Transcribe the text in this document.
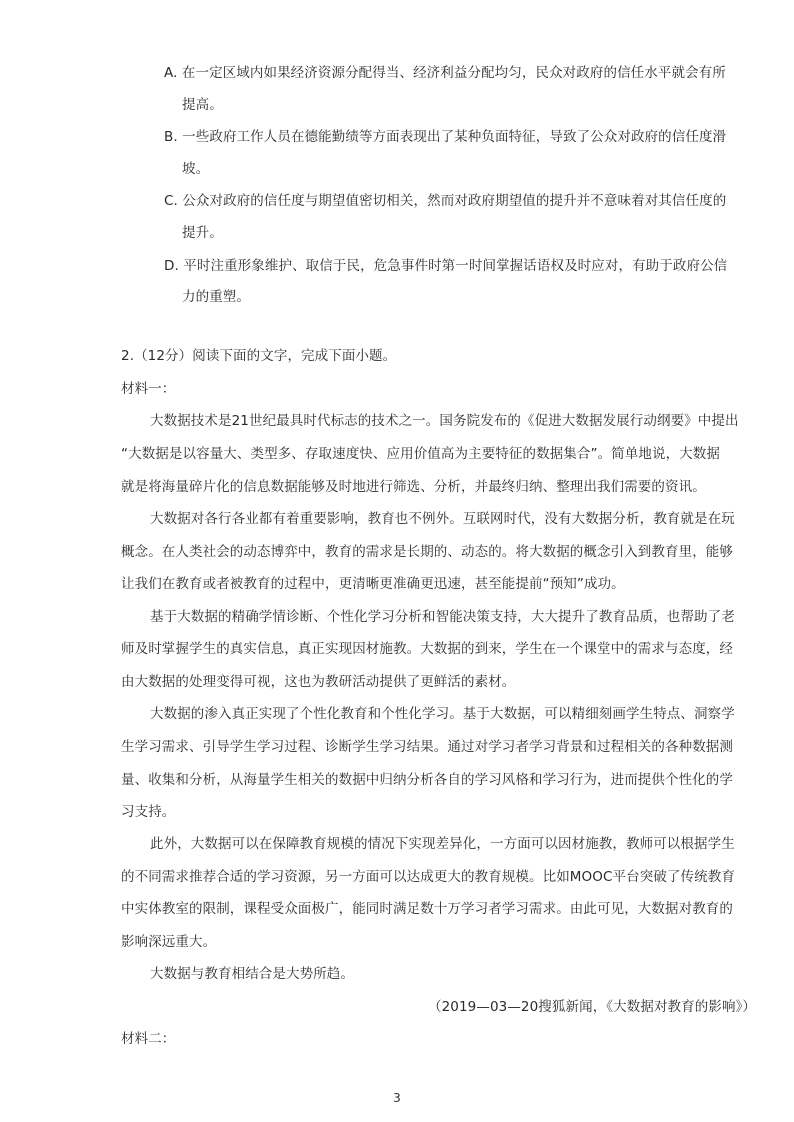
A. 在一定区域内如果经济资源分配得当、经济利益分配均匀，民众对政府的信任水平就会有所
提高。
B. 一些政府工作人员在德能勤绩等方面表现出了某种负面特征，导致了公众对政府的信任度滑
坡。
C. 公众对政府的信任度与期望值密切相关，然而对政府期望值的提升并不意味着对其信任度的
提升。
D. 平时注重形象维护、取信于民，危急事件时第一时间掌握话语权及时应对，有助于政府公信
力的重塑。
2.（12分）阅读下面的文字，完成下面小题。
材料一：
大数据技术是21世纪最具时代标志的技术之一。国务院发布的《促进大数据发展行动纲要》中提出
“大数据是以容量大、类型多、存取速度快、应用价值高为主要特征的数据集合”。简单地说，大数据
就是将海量碎片化的信息数据能够及时地进行筛选、分析，并最终归纳、整理出我们需要的资讯。
大数据对各行各业都有着重要影响，教育也不例外。互联网时代，没有大数据分析，教育就是在玩
概念。在人类社会的动态博弈中，教育的需求是长期的、动态的。将大数据的概念引入到教育里，能够
让我们在教育或者被教育的过程中，更清晰更准确更迅速，甚至能提前“预知”成功。
基于大数据的精确学情诊断、个性化学习分析和智能决策支持，大大提升了教育品质，也帮助了老
师及时掌握学生的真实信息，真正实现因材施教。大数据的到来，学生在一个课堂中的需求与态度，经
由大数据的处理变得可视，这也为教研活动提供了更鲜活的素材。
大数据的渗入真正实现了个性化教育和个性化学习。基于大数据，可以精细刻画学生特点、洞察学
生学习需求、引导学生学习过程、诊断学生学习结果。通过对学习者学习背景和过程相关的各种数据测
量、收集和分析，从海量学生相关的数据中归纳分析各自的学习风格和学习行为，进而提供个性化的学
习支持。
此外，大数据可以在保障教育规模的情况下实现差异化，一方面可以因材施教，教师可以根据学生
的不同需求推荐合适的学习资源，另一方面可以达成更大的教育规模。比如MOOC平台突破了传统教育
中实体教室的限制，课程受众面极广，能同时满足数十万学习者学习需求。由此可见，大数据对教育的
影响深远重大。
大数据与教育相结合是大势所趋。
（2019—03—20搜狐新闻，《大数据对教育的影响》）
材料二：
3
